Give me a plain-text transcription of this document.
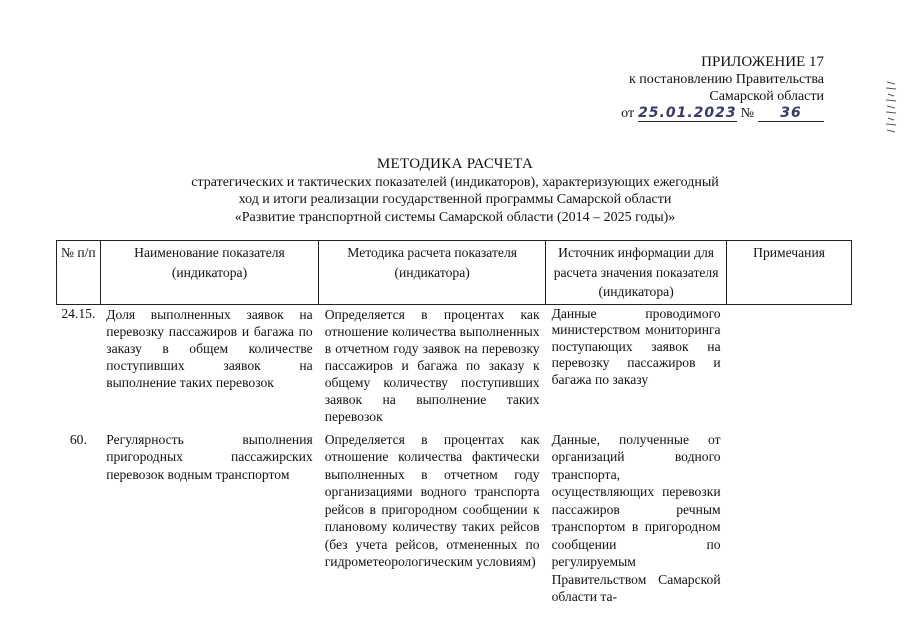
ПРИЛОЖЕНИЕ 17
к постановлению Правительства
Самарской области
от 25.01.2023 №	36
МЕТОДИКА РАСЧЕТА
стратегических и тактических показателей (индикаторов), характеризующих ежегодный
ход и итоги реализации государственной программы Самарской области
«Развитие транспортной системы Самарской области (2014 – 2025 годы)»
№ п/п	Наименование показателя (индикатора)	Методика расчета показателя (индикатора)	Источник информации для расчета значения показателя (индикатора)	Примечания
24.15.	Доля выполненных заявок на перевозку пассажиров и багажа по заказу в общем количестве поступивших заявок на выполнение таких перевозок	Определяется в процентах как отношение количества выполненных в отчетном году заявок на перевозку пассажиров и багажа по заказу к общему количеству поступивших заявок на выполнение таких перевозок	Данные проводимого министерством мониторинга поступающих заявок на перевозку пассажиров и багажа по заказу	
60.	Регулярность выполнения пригородных пассажирских перевозок водным транспортом	Определяется в процентах как отношение количества фактически выполненных в отчетном году организациями водного транспорта рейсов в пригородном сообщении к плановому количеству таких рейсов (без учета рейсов, отмененных по гидрометеорологическим условиям)	Данные, полученные от организаций водного транспорта, осуществляющих перевозки пассажиров речным транспортом в пригородном сообщении по регулируемым Правительством Самарской области та-	
